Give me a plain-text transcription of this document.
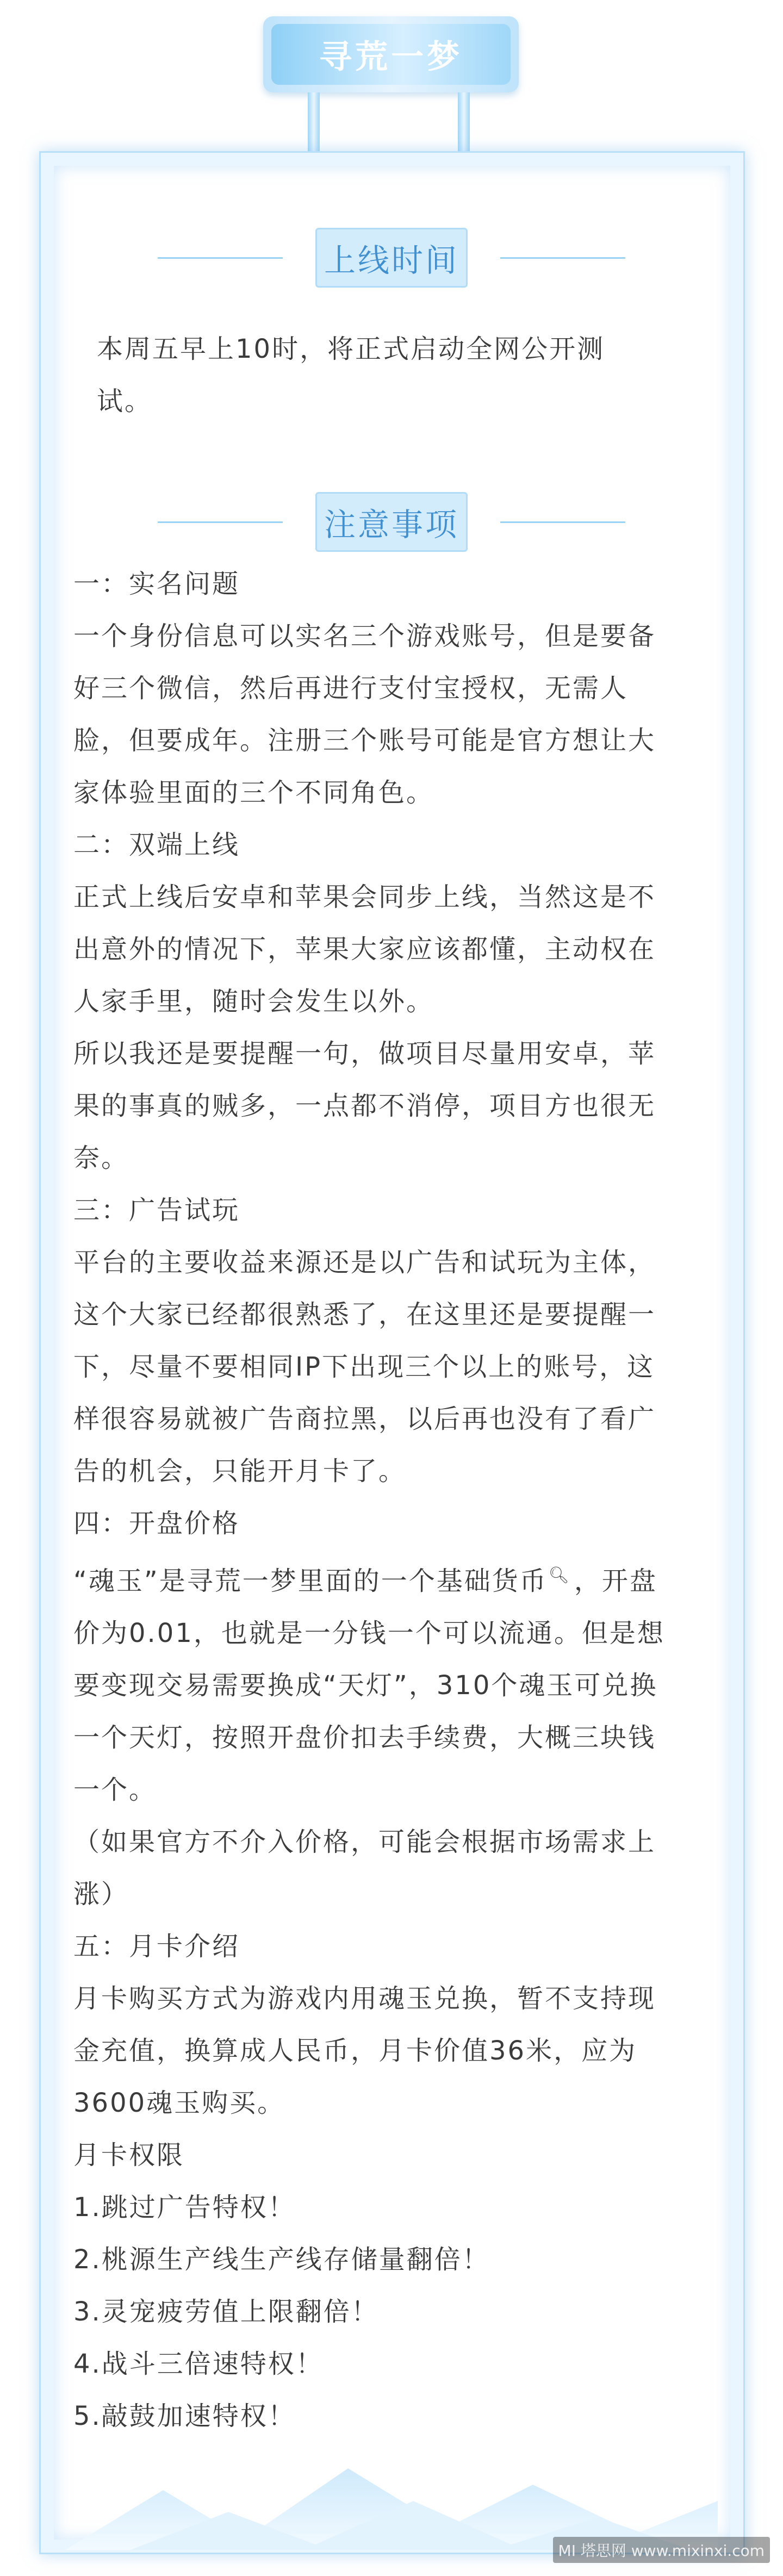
寻荒一梦
上线时间

本周五早上10时，将正式启动全网公开测

试。

注意事项

一：实名问题

一个身份信息可以实名三个游戏账号，但是要备

好三个微信，然后再进行支付宝授权，无需人

脸，但要成年。注册三个账号可能是官方想让大

家体验里面的三个不同角色。

二：双端上线

正式上线后安卓和苹果会同步上线，当然这是不

出意外的情况下，苹果大家应该都懂，主动权在

人家手里，随时会发生以外。

所以我还是要提醒一句，做项目尽量用安卓，苹

果的事真的贼多，一点都不消停，项目方也很无

奈。

三：广告试玩

平台的主要收益来源还是以广告和试玩为主体，

这个大家已经都很熟悉了，在这里还是要提醒一

下，尽量不要相同IP下出现三个以上的账号，这

样很容易就被广告商拉黑，以后再也没有了看广

告的机会，只能开月卡了。

四：开盘价格

“魂玉”是寻荒一梦里面的一个基础货币🔍︎ ，开盘

价为0.01，也就是一分钱一个可以流通。但是想

要变现交易需要换成“天灯”，310个魂玉可兑换

一个天灯，按照开盘价扣去手续费，大概三块钱

一个。

（如果官方不介入价格，可能会根据市场需求上

涨）

五：月卡介绍

月卡购买方式为游戏内用魂玉兑换，暂不支持现

金充值，换算成人民币，月卡价值36米，应为

3600魂玉购买。

月卡权限

1.跳过广告特权！

2.桃源生产线生产线存储量翻倍！

3.灵宠疲劳值上限翻倍！

4.战斗三倍速特权！

5.敲鼓加速特权！

MI 塔思网 www.mixinxi.com
